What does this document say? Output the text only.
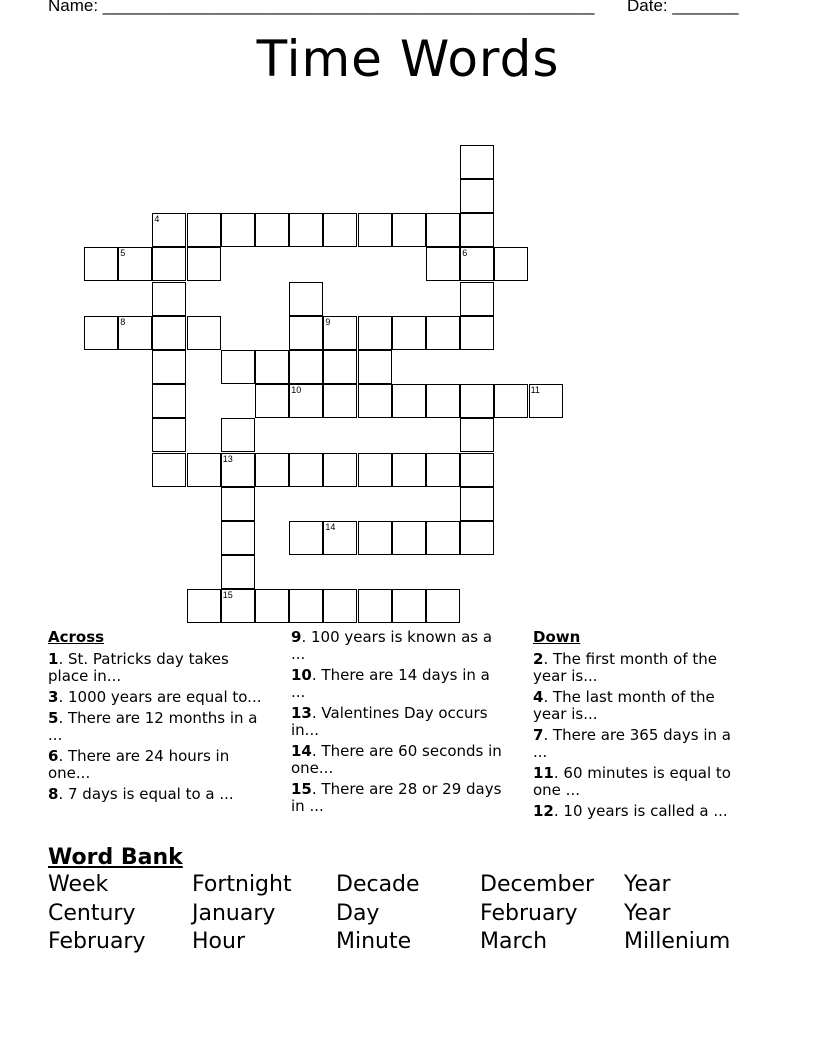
Name: ____________________________________________________ Date: _______
Time Words
6
4
5
8	9
10	11
13
14
15
Across
1. St. Patricks day takes place in...
3. 1000 years are equal to...
5. There are 12 months in a ...
6. There are 24 hours in one...
8. 7 days is equal to a ...
9. 100 years is known as a ...
10. There are 14 days in a ...
13. Valentines Day occurs in...
14. There are 60 seconds in one...
15. There are 28 or 29 days in ...
Down
2. The first month of the year is...
4. The last month of the year is...
7. There are 365 days in a ...
11. 60 minutes is equal to one ...
12. 10 years is called a ...
Word Bank
Week	Fortnight Decade	December Year
Century	January	Day	February Year
February Hour	Minute	March	Millenium
